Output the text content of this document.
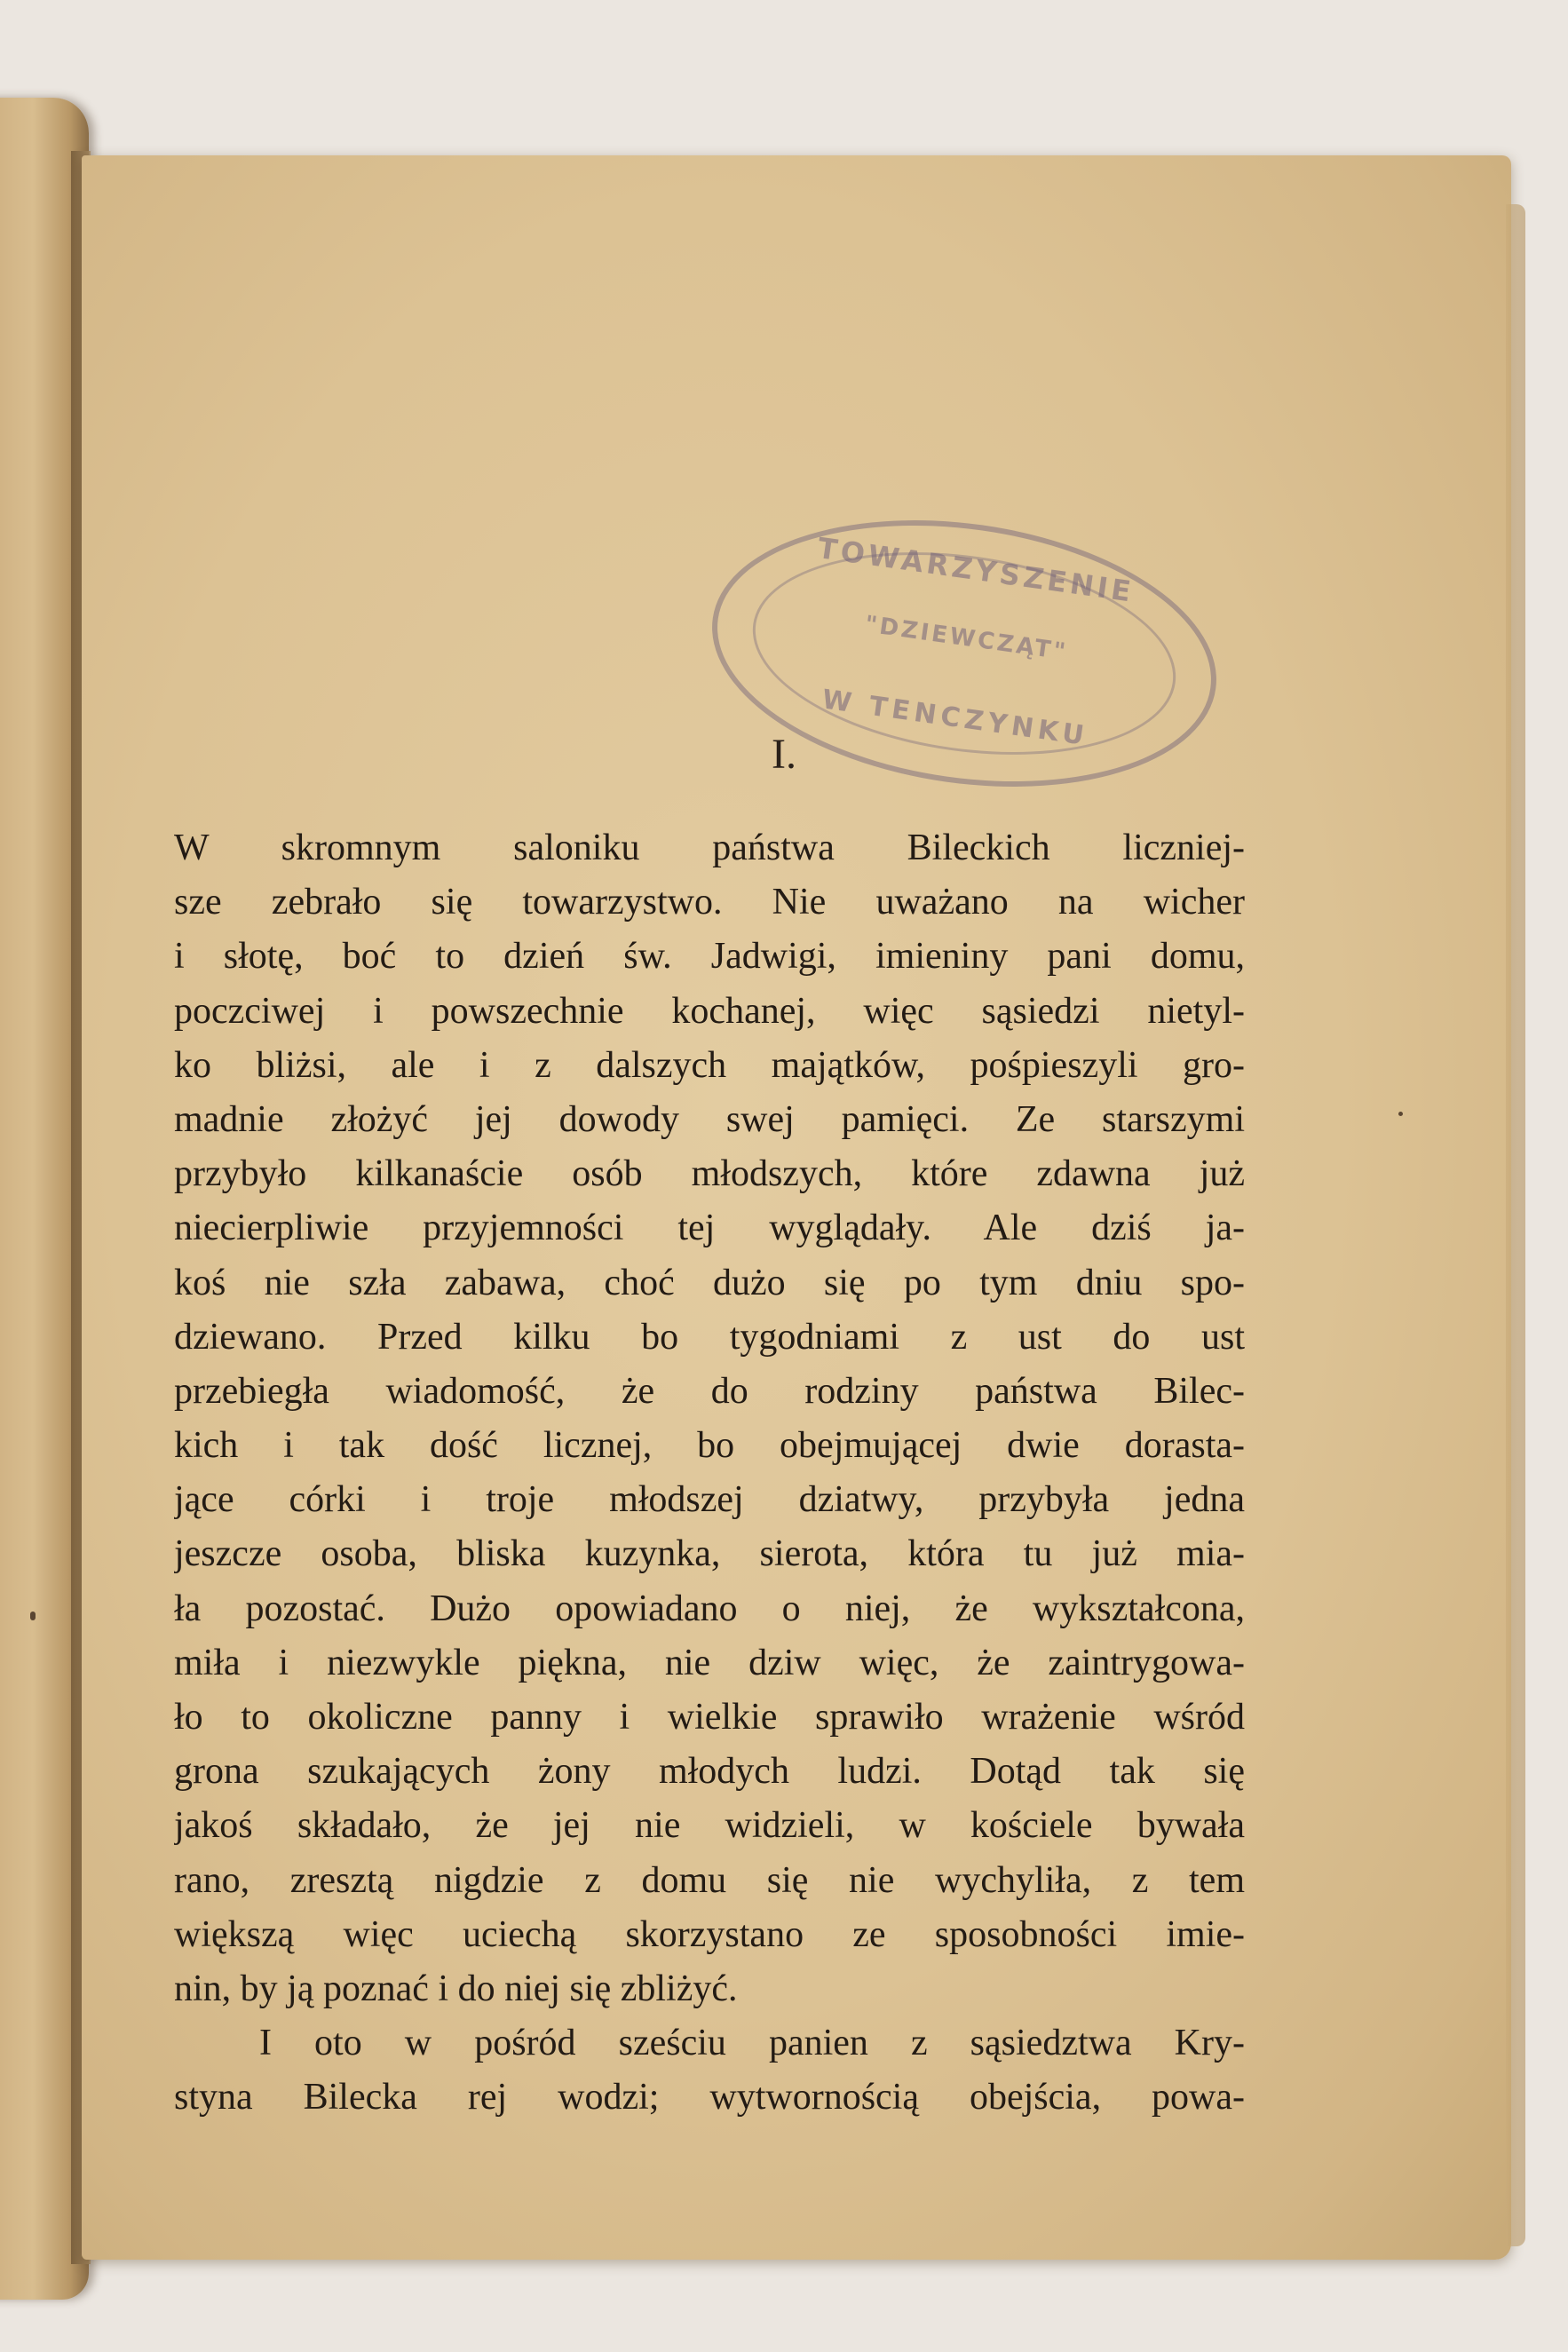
TOWARZYSZENIE
"DZIEWCZĄT"
W TENCZYNKU
I.
W skromnym saloniku państwa Bileckich liczniej-
sze zebrało się towarzystwo. Nie uważano na wicher
i słotę, boć to dzień św. Jadwigi, imieniny pani domu,
poczciwej i powszechnie kochanej, więc sąsiedzi nietyl-
ko bliżsi, ale i z dalszych majątków, pośpieszyli gro-
madnie złożyć jej dowody swej pamięci. Ze starszymi
przybyło kilkanaście osób młodszych, które zdawna już
niecierpliwie przyjemności tej wyglądały. Ale dziś ja-
koś nie szła zabawa, choć dużo się po tym dniu spo-
dziewano. Przed kilku bo tygodniami z ust do ust
przebiegła wiadomość, że do rodziny państwa Bilec-
kich i tak dość licznej, bo obejmującej dwie dorasta-
jące córki i troje młodszej dziatwy, przybyła jedna
jeszcze osoba, bliska kuzynka, sierota, która tu już mia-
ła pozostać. Dużo opowiadano o niej, że wykształcona,
miła i niezwykle piękna, nie dziw więc, że zaintrygowa-
ło to okoliczne panny i wielkie sprawiło wrażenie wśród
grona szukających żony młodych ludzi. Dotąd tak się
jakoś składało, że jej nie widzieli, w kościele bywała
rano, zresztą nigdzie z domu się nie wychyliła, z tem
większą więc uciechą skorzystano ze sposobności imie-
nin, by ją poznać i do niej się zbliżyć.
I oto w pośród sześciu panien z sąsiedztwa Kry-
styna Bilecka rej wodzi; wytwornością obejścia, powa-
